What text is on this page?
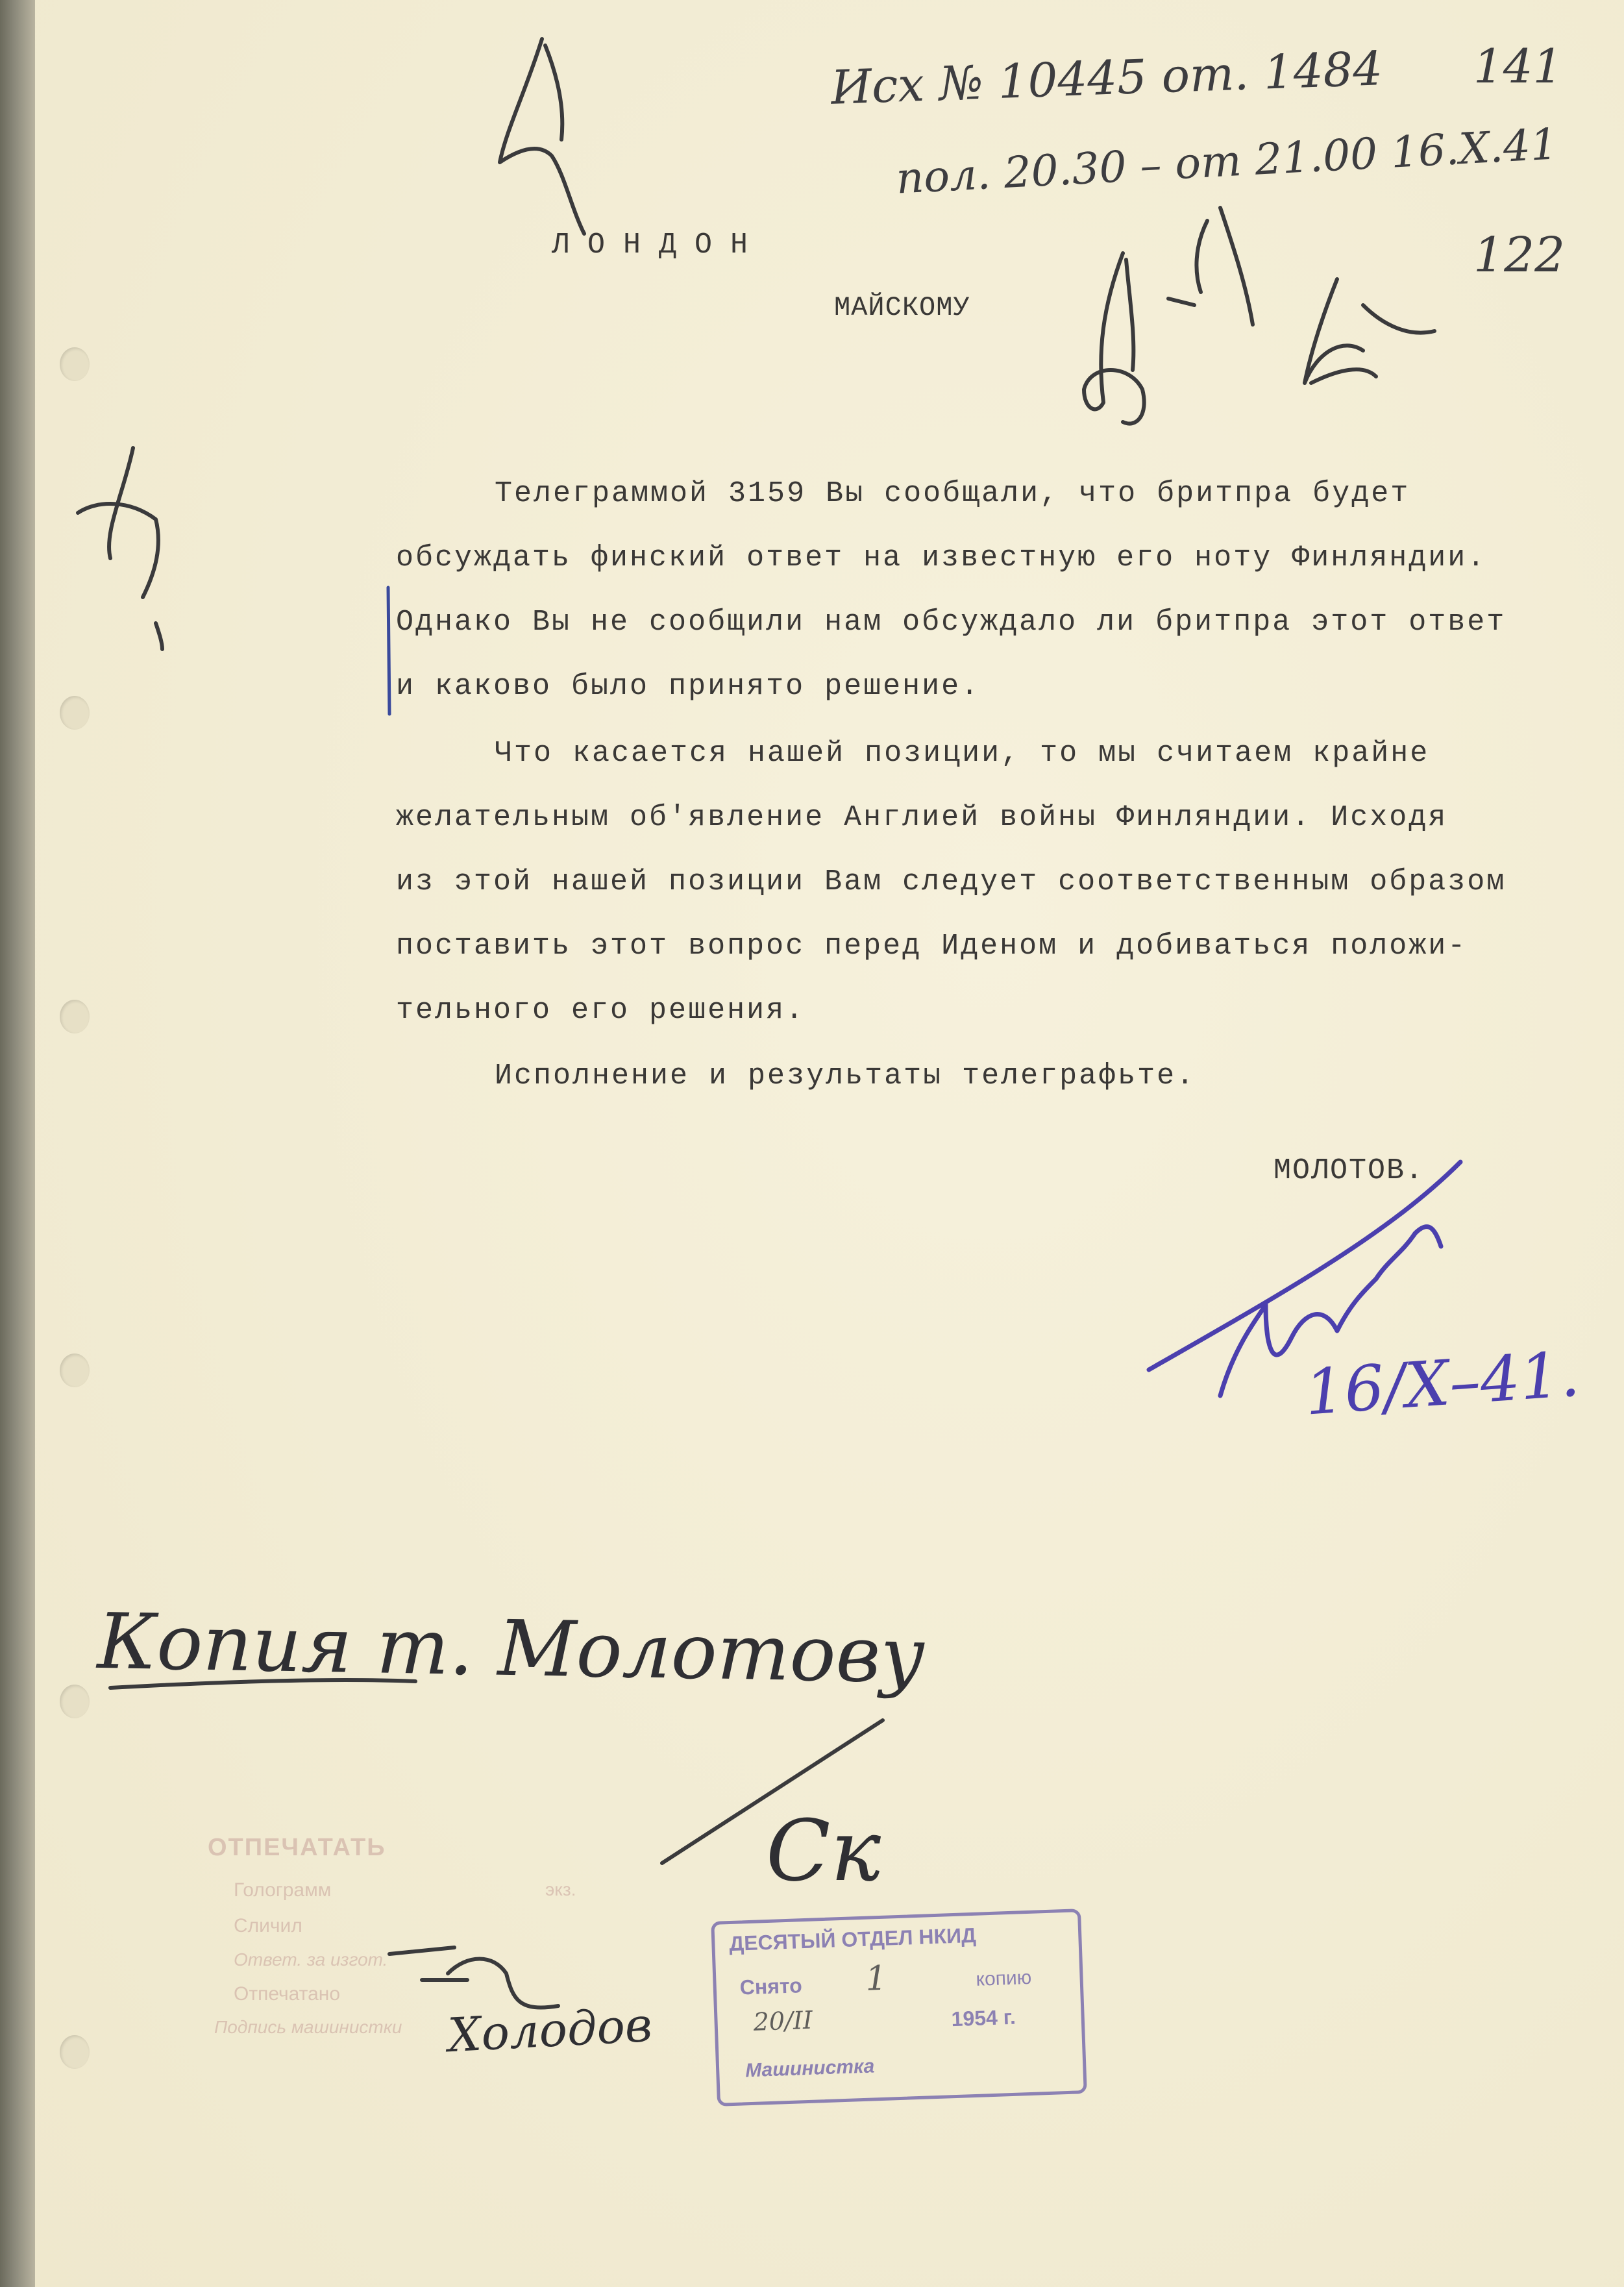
ЛОНДОН
МАЙСКОМУ
Телеграммой 3159 Вы сообщали, что бритпра будет
обсуждать финский ответ на известную его ноту Финляндии.
Однако Вы не сообщили нам обсуждало ли бритпра этот ответ
и каково было принято решение.
Что касается нашей позиции, то мы считаем крайне
желательным об'явление Англией войны Финляндии. Исходя
из этой нашей позиции Вам следует соответственным образом
поставить этот вопрос перед Иденом и добиваться положи-
тельного его решения.
Исполнение и результаты телеграфьте.
МОЛОТОВ.
Исх № 10445 от. 1484 141
пол. 20.30 – от 21.00 16.X.41
122
Копия т. Молотову
Ск
Холодов
16/X–41.
ОТПЕЧАТАТЬ
Голограмм
Сличил
Ответ. за изгот.
Отпечатано
Подпись машинистки
экз.
ДЕСЯТЫЙ ОТДЕЛ НКИД
Снято 1	копию
20/II	1954 г.
Машинистка
